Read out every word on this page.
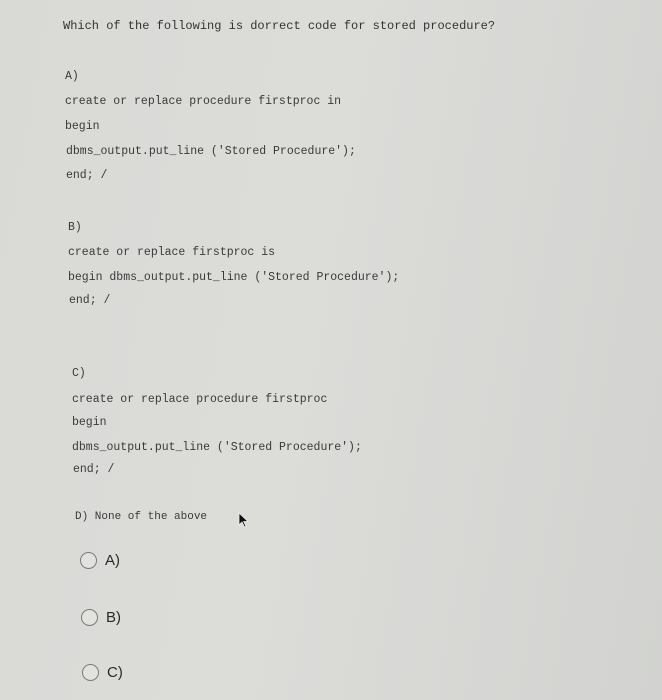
Which of the following is dorrect code for stored procedure?
A)
create or replace procedure firstproc in
begin
dbms_output.put_line ('Stored Procedure');
end; /
B)
create or replace firstproc is
begin dbms_output.put_line ('Stored Procedure');
end; /
C)
create or replace procedure firstproc
begin
dbms_output.put_line ('Stored Procedure');
end; /
D) None of the above
A)
B)
C)
